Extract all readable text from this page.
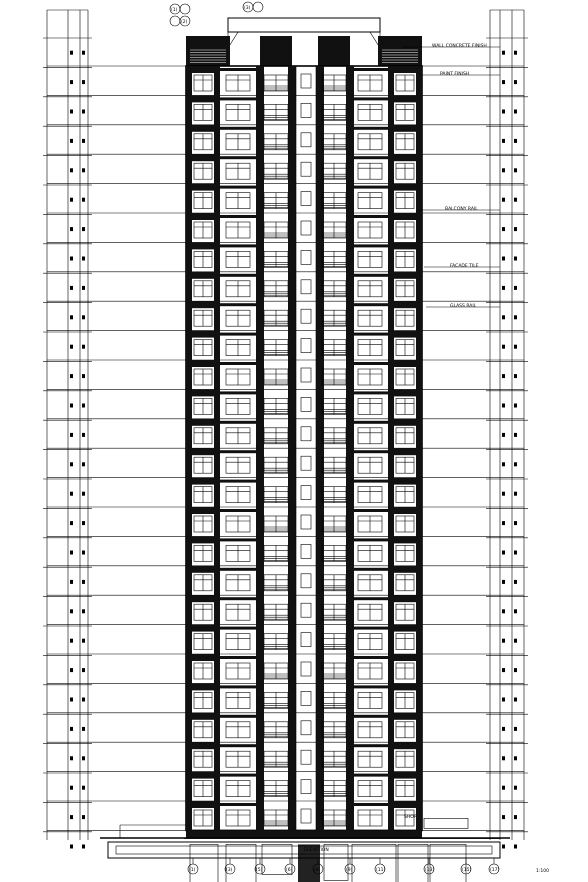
SHOP
ELEVATION
1:100
WALL CONCRETE FINISH
PAINT FINISH
BALCONY RAIL
FACADE TILE
GLASS RAIL
(1)
(2)
(3)
(1)	(3)	(5)	(6)	(8)	(9)	(11)	(13)	(15)	(17)
